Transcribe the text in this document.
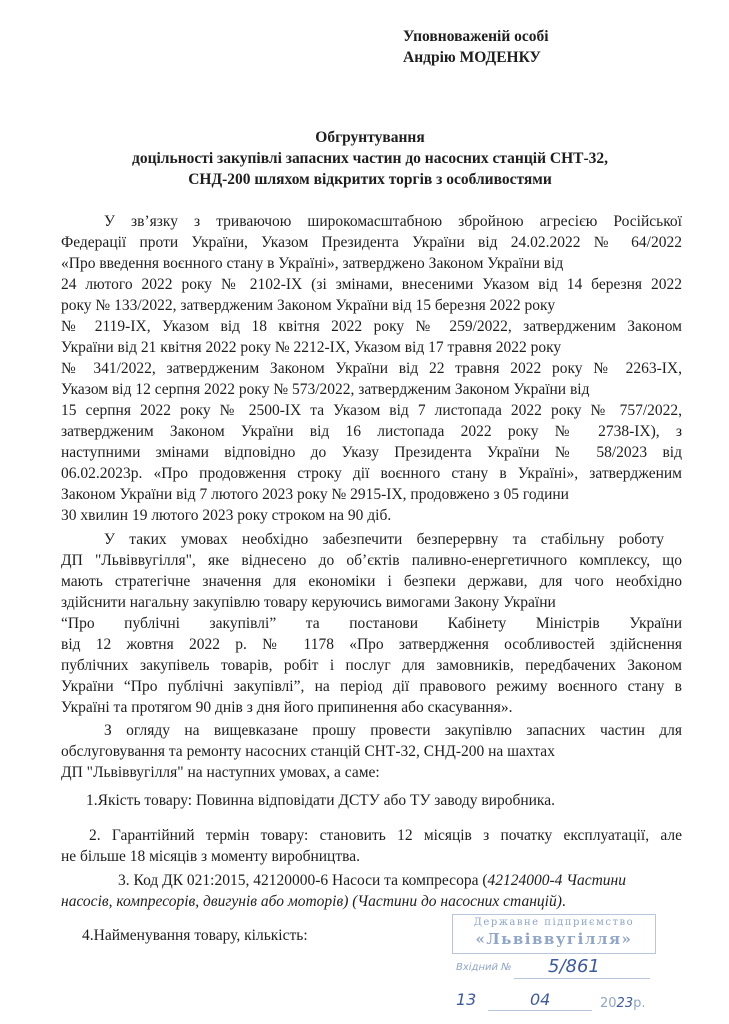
Уповноваженій особі
Андрію МОДЕНКУ
Обгрунтування
доцільності закупівлі запасних частин до насосних станцій СНТ-32,
СНД-200 шляхом відкритих торгів з особливостями
У зв’язку з триваючою широкомасштабною збройною агресією Російської
Федерації проти України, Указом Президента України від 24.02.2022 № 64/2022
«Про введення воєнного стану в Україні», затверджено Законом України від
24 лютого 2022 року № 2102-IX (зі змінами, внесеними Указом від 14 березня 2022
року № 133/2022, затвердженим Законом України від 15 березня 2022 року
№ 2119-IX, Указом від 18 квітня 2022 року № 259/2022, затвердженим Законом
України від 21 квітня 2022 року № 2212-IX, Указом від 17 травня 2022 року
№ 341/2022, затвердженим Законом України від 22 травня 2022 року № 2263-IX,
Указом від 12 серпня 2022 року № 573/2022, затвердженим Законом України від
15 серпня 2022 року № 2500-IX та Указом від 7 листопада 2022 року № 757/2022,
затвердженим Законом України від 16 листопада 2022 року № 2738-IX), з
наступними змінами відповідно до Указу Президента України № 58/2023 від
06.02.2023р. «Про продовження строку дії воєнного стану в Україні», затвердженим
Законом України від 7 лютого 2023 року № 2915-IX, продовжено з 05 години
30 хвилин 19 лютого 2023 року строком на 90 діб.
У таких умовах необхідно забезпечити безперервну та стабільну роботу
ДП "Львіввугілля", яке віднесено до об’єктів паливно-енергетичного комплексу, що
мають стратегічне значення для економіки і безпеки держави, для чого необхідно
здійснити нагальну закупівлю товару керуючись вимогами Закону України
“Про публічні закупівлі” та постанови Кабінету Міністрів України
від 12 жовтня 2022 р. № 1178 «Про затвердження особливостей здійснення
публічних закупівель товарів, робіт і послуг для замовників, передбачених Законом
України “Про публічні закупівлі”, на період дії правового режиму воєнного стану в
Україні та протягом 90 днів з дня його припинення або скасування».
З огляду на вищевказане прошу провести закупівлю запасних частин для
обслуговування та ремонту насосних станцій СНТ-32, СНД-200 на шахтах
ДП "Львіввугілля" на наступних умовах, а саме:
1.Якість товару: Повинна відповідати ДСТУ або ТУ заводу виробника.
2. Гарантійний термін товару: становить 12 місяців з початку експлуатації, але
не більше 18 місяців з моменту виробництва.
3. Код ДК 021:2015, 42120000-6 Насоси та компресора (42124000-4 Частини
насосів, компресорів, двигунів або моторів) (Частини до насосних станцій).
4.Найменування товару, кількість:
Державне підприємство
«Львіввугілля»
Вхідний № 5/861
13	04	2023р.
